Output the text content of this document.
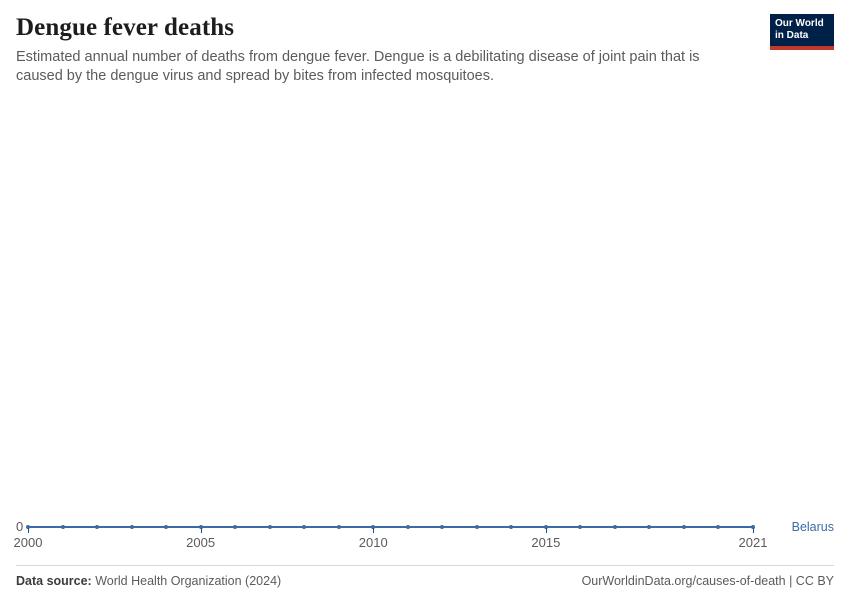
Dengue fever deaths

Estimated annual number of deaths from dengue fever. Dengue is a debilitating disease of joint pain that is caused by the dengue virus and spread by bites from infected mosquitoes.

Our World
in Data
0	Belarus
2000	2005	2010	2015	2021
Data source: World Health Organization (2024)	OurWorldinData.org/causes-of-death | CC BY
